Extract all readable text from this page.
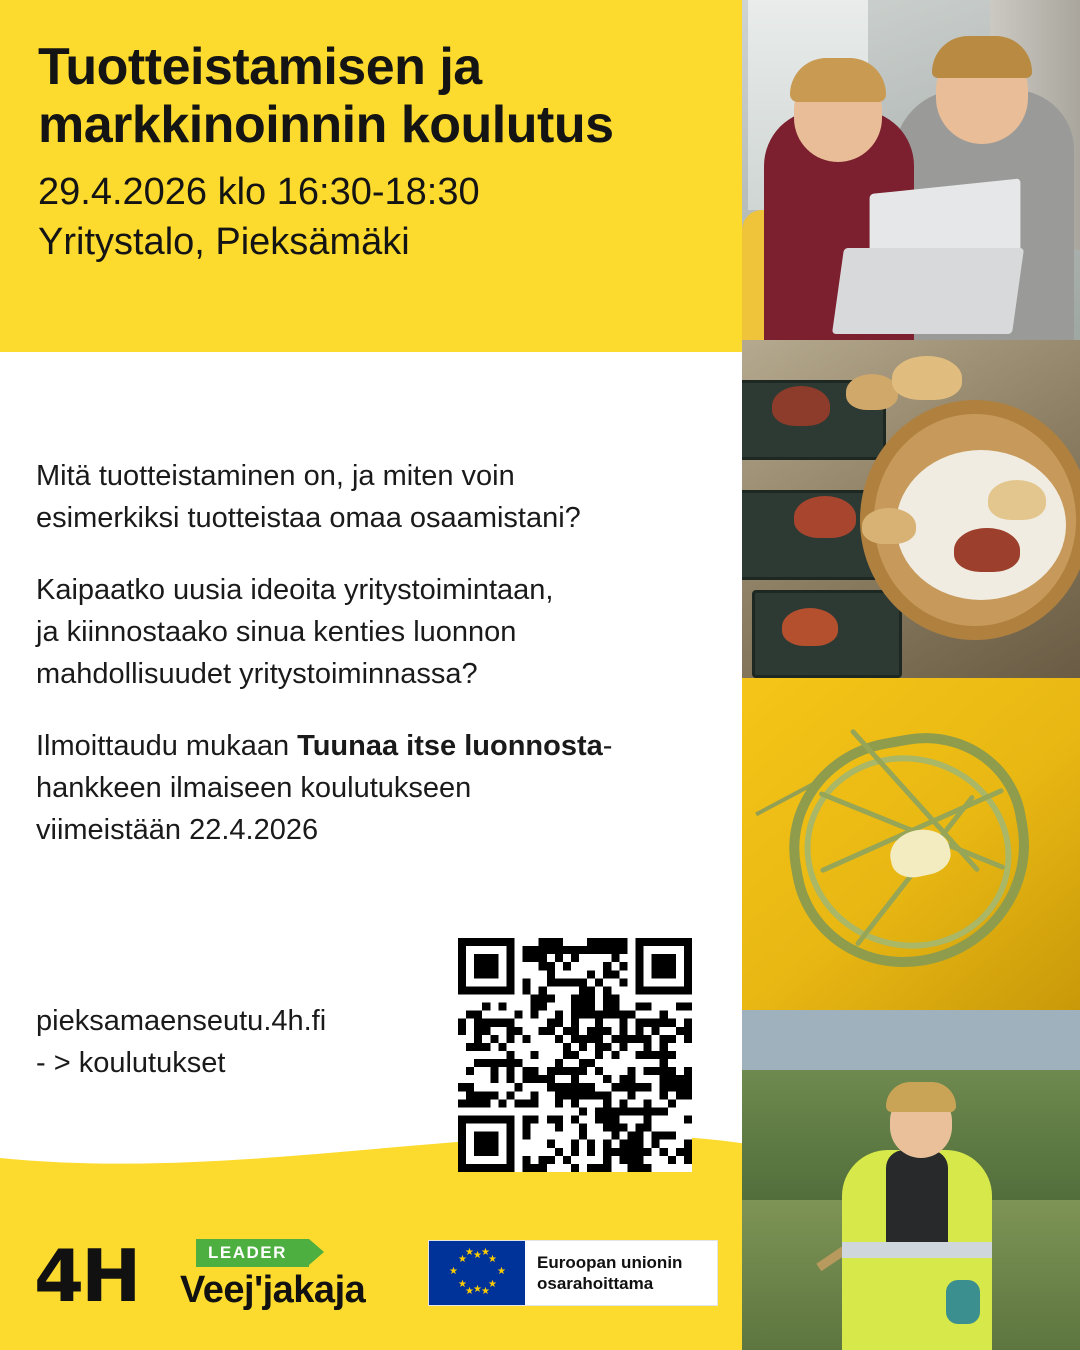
Tuotteistamisen ja
markkinoinnin koulutus
29.4.2026 klo 16:30-18:30
Yritystalo, Pieksämäki

Mitä tuotteistaminen on, ja miten voin
esimerkiksi tuotteistaa omaa osaamistani?

Kaipaatko uusia ideoita yritystoimintaan,
ja kiinnostaako sinua kenties luonnon
mahdollisuudet yritystoiminnassa?

Ilmoittaudu mukaan Tuunaa itse luonnosta-
hankkeen ilmaiseen koulutukseen
viimeistään 22.4.2026

pieksamaenseutu.4h.fi
- > koulutukset
4H	LEADER
Veej'jakaja
★ ★
★
★
★
★
★
★
★ ★
★ ★
Euroopan unionin
osarahoittama
